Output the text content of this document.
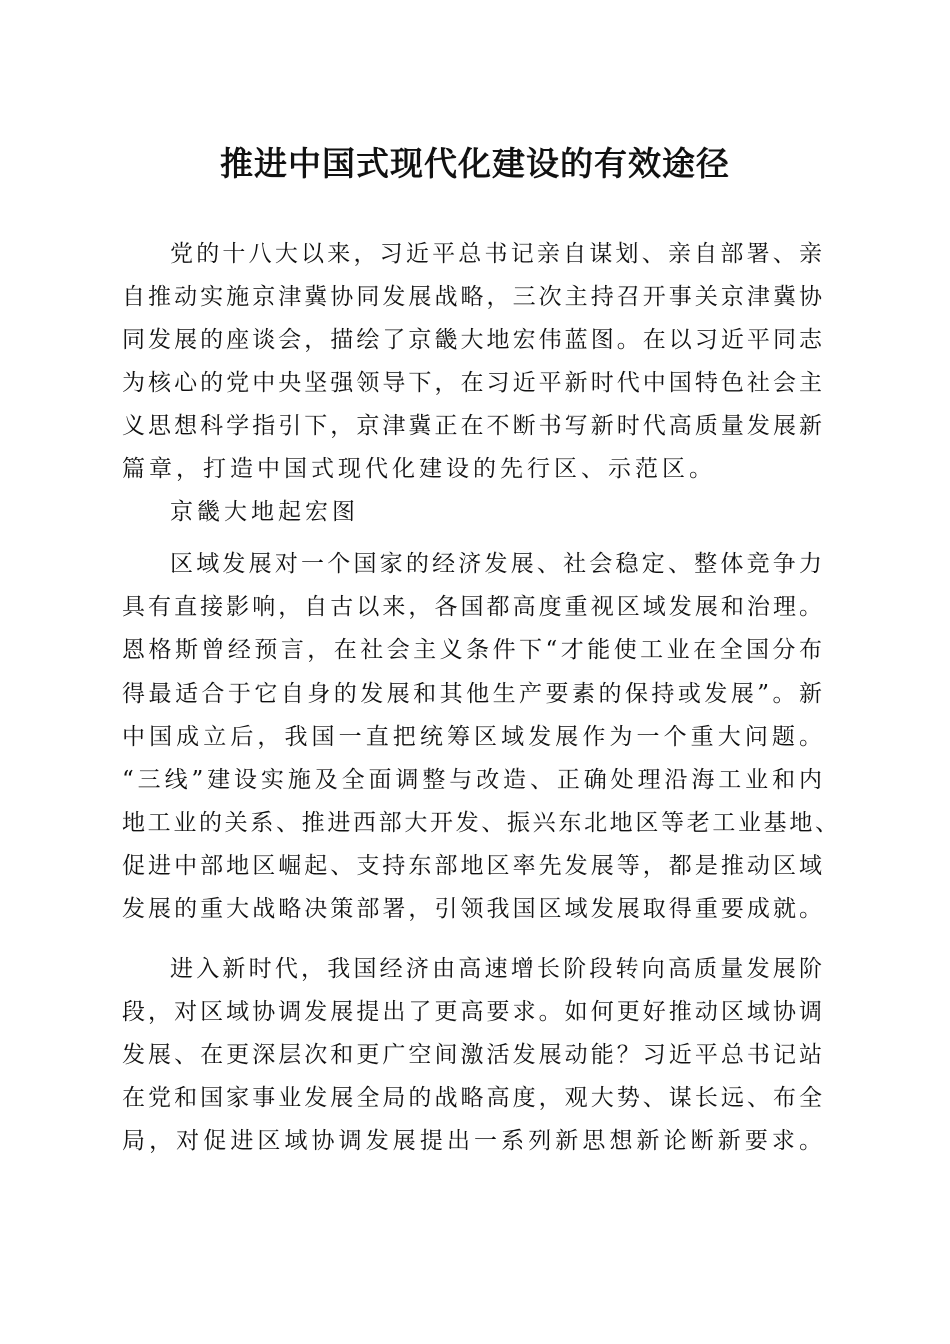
推进中国式现代化建设的有效途径
党的十八大以来，习近平总书记亲自谋划、亲自部署、亲
自推动实施京津冀协同发展战略，三次主持召开事关京津冀协
同发展的座谈会，描绘了京畿大地宏伟蓝图。在以习近平同志
为核心的党中央坚强领导下，在习近平新时代中国特色社会主
义思想科学指引下，京津冀正在不断书写新时代高质量发展新
篇章，打造中国式现代化建设的先行区、示范区。
京畿大地起宏图
区域发展对一个国家的经济发展、社会稳定、整体竞争力
具有直接影响，自古以来，各国都高度重视区域发展和治理。
恩格斯曾经预言，在社会主义条件下“才能使工业在全国分布
得最适合于它自身的发展和其他生产要素的保持或发展”。新
中国成立后，我国一直把统筹区域发展作为一个重大问题。
“三线”建设实施及全面调整与改造、正确处理沿海工业和内
地工业的关系、推进西部大开发、振兴东北地区等老工业基地、
促进中部地区崛起、支持东部地区率先发展等，都是推动区域
发展的重大战略决策部署，引领我国区域发展取得重要成就。
进入新时代，我国经济由高速增长阶段转向高质量发展阶
段，对区域协调发展提出了更高要求。如何更好推动区域协调
发展、在更深层次和更广空间激活发展动能？习近平总书记站
在党和国家事业发展全局的战略高度，观大势、谋长远、布全
局，对促进区域协调发展提出一系列新思想新论断新要求。
